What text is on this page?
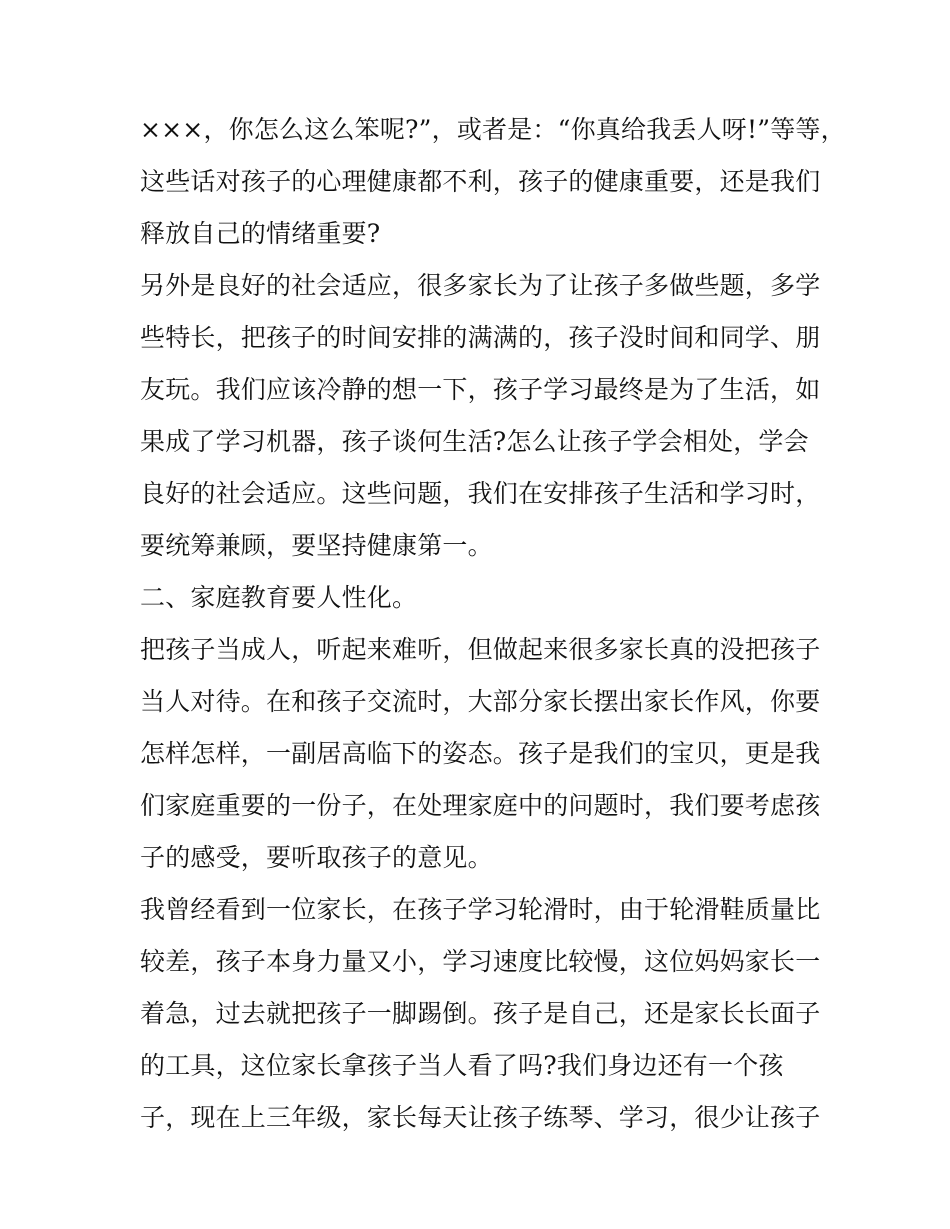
×××，你怎么这么笨呢?”，或者是：“你真给我丢人呀!”等等，
这些话对孩子的心理健康都不利，孩子的健康重要，还是我们
释放自己的情绪重要?
另外是良好的社会适应，很多家长为了让孩子多做些题，多学
些特长，把孩子的时间安排的满满的，孩子没时间和同学、朋
友玩。我们应该冷静的想一下，孩子学习最终是为了生活，如
果成了学习机器，孩子谈何生活?怎么让孩子学会相处，学会
良好的社会适应。这些问题，我们在安排孩子生活和学习时，
要统筹兼顾，要坚持健康第一。
二、家庭教育要人性化。
把孩子当成人，听起来难听，但做起来很多家长真的没把孩子
当人对待。在和孩子交流时，大部分家长摆出家长作风，你要
怎样怎样，一副居高临下的姿态。孩子是我们的宝贝，更是我
们家庭重要的一份子，在处理家庭中的问题时，我们要考虑孩
子的感受，要听取孩子的意见。
我曾经看到一位家长，在孩子学习轮滑时，由于轮滑鞋质量比
较差，孩子本身力量又小，学习速度比较慢，这位妈妈家长一
着急，过去就把孩子一脚踢倒。孩子是自己，还是家长长面子
的工具，这位家长拿孩子当人看了吗?我们身边还有一个孩
子，现在上三年级，家长每天让孩子练琴、学习，很少让孩子
